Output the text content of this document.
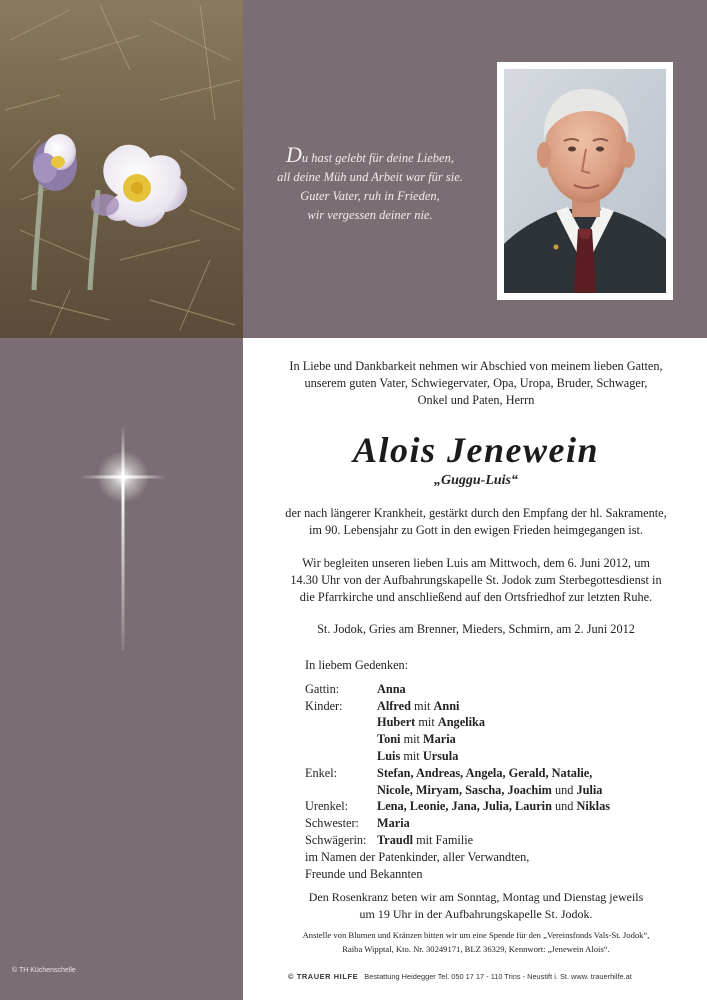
Du hast gelebt für deine Lieben,
all deine Müh und Arbeit war für sie.
Guter Vater, ruh in Frieden,
wir vergessen deiner nie.
© TH Küchenschelle
In Liebe und Dankbarkeit nehmen wir Abschied von meinem lieben Gatten,
unserem guten Vater, Schwiegervater, Opa, Uropa, Bruder, Schwager,
Onkel und Paten, Herrn
Alois Jenewein
„Guggu-Luis“
der nach längerer Krankheit, gestärkt durch den Empfang der hl. Sakramente,
im 90. Lebensjahr zu Gott in den ewigen Frieden heimgegangen ist.
Wir begleiten unseren lieben Luis am Mittwoch, dem 6. Juni 2012, um
14.30 Uhr von der Aufbahrungskapelle St. Jodok zum Sterbegottesdienst in
die Pfarrkirche und anschließend auf den Ortsfriedhof zur letzten Ruhe.
St. Jodok, Gries am Brenner, Mieders, Schmirn, am 2. Juni 2012
In liebem Gedenken:
Gattin:	Anna
Kinder:	Alfred mit Anni
Hubert mit Angelika
Toni mit Maria
Luis mit Ursula
Enkel:	Stefan, Andreas, Angela, Gerald, Natalie,
Nicole, Miryam, Sascha, Joachim und Julia
Urenkel:	Lena, Leonie, Jana, Julia, Laurin und Niklas
Schwester:	Maria
Schwägerin: Traudl mit Familie
im Namen der Patenkinder, aller Verwandten,
Freunde und Bekannten
Den Rosenkranz beten wir am Sonntag, Montag und Dienstag jeweils
um 19 Uhr in der Aufbahrungskapelle St. Jodok.
Anstelle von Blumen und Kränzen bitten wir um eine Spende für den „Vereinsfonds Vals-St. Jodok“,
Raiba Wipptal, Kto. Nr. 30249171, BLZ 36329, Kennwort: „Jenewein Alois“.
© TRAUER HILFE Bestattung Heidegger Tel. 050 17 17 - 110 Trins - Neustift i. St. www. trauerhilfe.at
